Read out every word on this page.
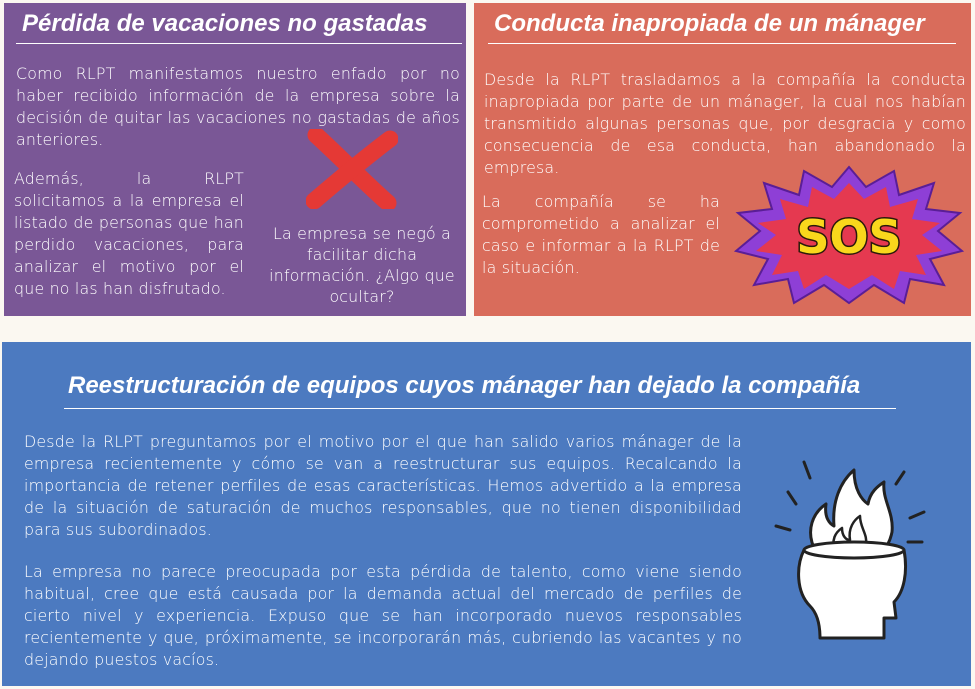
Pérdida de vacaciones no gastadas

Como RLPT manifestamos nuestro enfado por no haber recibido información de la empresa sobre la decisión de quitar las vacaciones no gastadas de años anteriores.

Además, la RLPT solicitamos a la empresa el listado de personas que han perdido vacaciones, para analizar el motivo por el que no las han disfrutado.

La empresa se negó a facilitar dicha información. ¿Algo que ocultar?

Conducta inapropiada de un mánager

Desde la RLPT trasladamos a la compañía la conducta inapropiada por parte de un mánager, la cual nos habían transmitido algunas personas que, por desgracia y como consecuencia de esa conducta, han abandonado la empresa.

La compañía se ha comprometido a analizar el caso e informar a la RLPT de la situación.

SOS
Reestructuración de equipos cuyos mánager han dejado la compañía

Desde la RLPT preguntamos por el motivo por el que han salido varios mánager de la empresa recientemente y cómo se van a reestructurar sus equipos. Recalcando la importancia de retener perfiles de esas características. Hemos advertido a la empresa de la situación de saturación de muchos responsables, que no tienen disponibilidad para sus subordinados.

La empresa no parece preocupada por esta pérdida de talento, como viene siendo habitual, cree que está causada por la demanda actual del mercado de perfiles de cierto nivel y experiencia. Expuso que se han incorporado nuevos responsables recientemente y que, próximamente, se incorporarán más, cubriendo las vacantes y no dejando puestos vacíos.
